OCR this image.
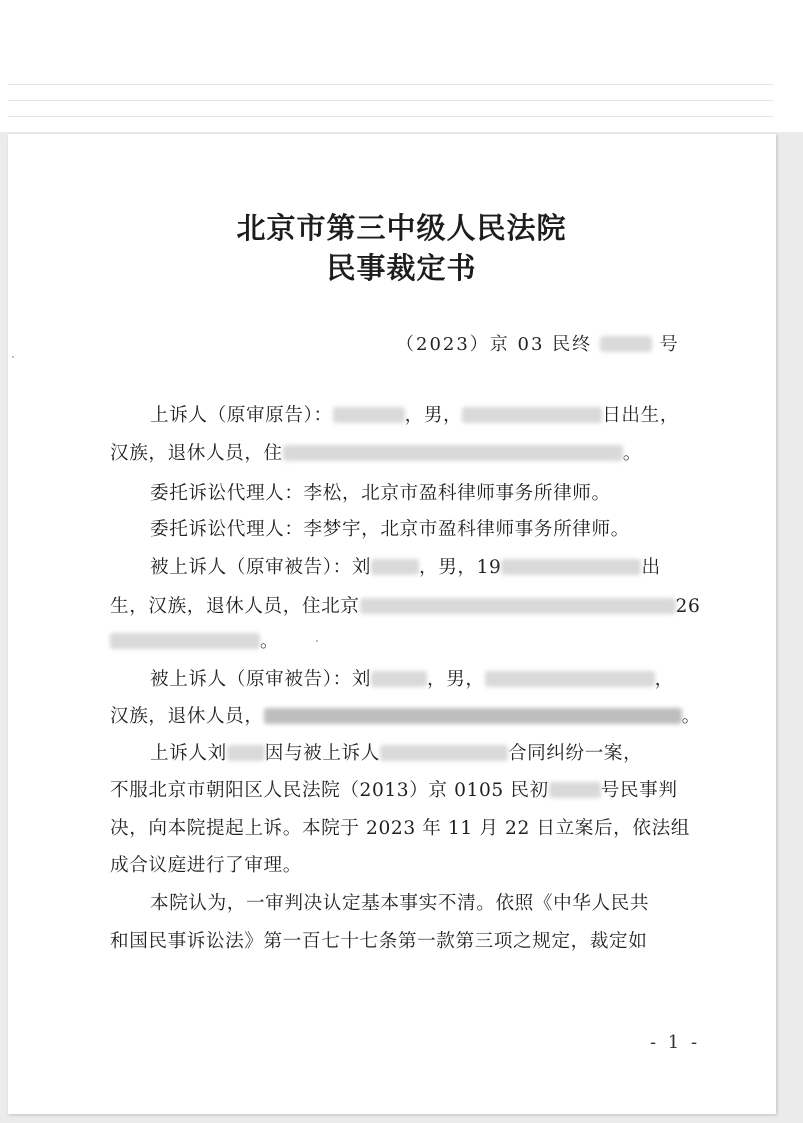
北京市第三中级人民法院
民事裁定书
（2023）京 03 民终	号
上诉人（原审原告）：	，男，	日出生，
汉族，退休人员，住	。
委托诉讼代理人：李松，北京市盈科律师事务所律师。
委托诉讼代理人：李梦宇，北京市盈科律师事务所律师。
被上诉人（原审被告）：刘	，男，19	出
生，汉族，退休人员，住北京	26
。
被上诉人（原审被告）：刘	，男，	，
汉族，退休人员，	。
上诉人刘 因与被上诉人	合同纠纷一案，
不服北京市朝阳区人民法院（2013）京 0105 民初	号民事判
决，向本院提起上诉。本院于 2023 年 11 月 22 日立案后，依法组
成合议庭进行了审理。
本院认为，一审判决认定基本事实不清。依照《中华人民共
和国民事诉讼法》第一百七十七条第一款第三项之规定，裁定如
- 1 -
